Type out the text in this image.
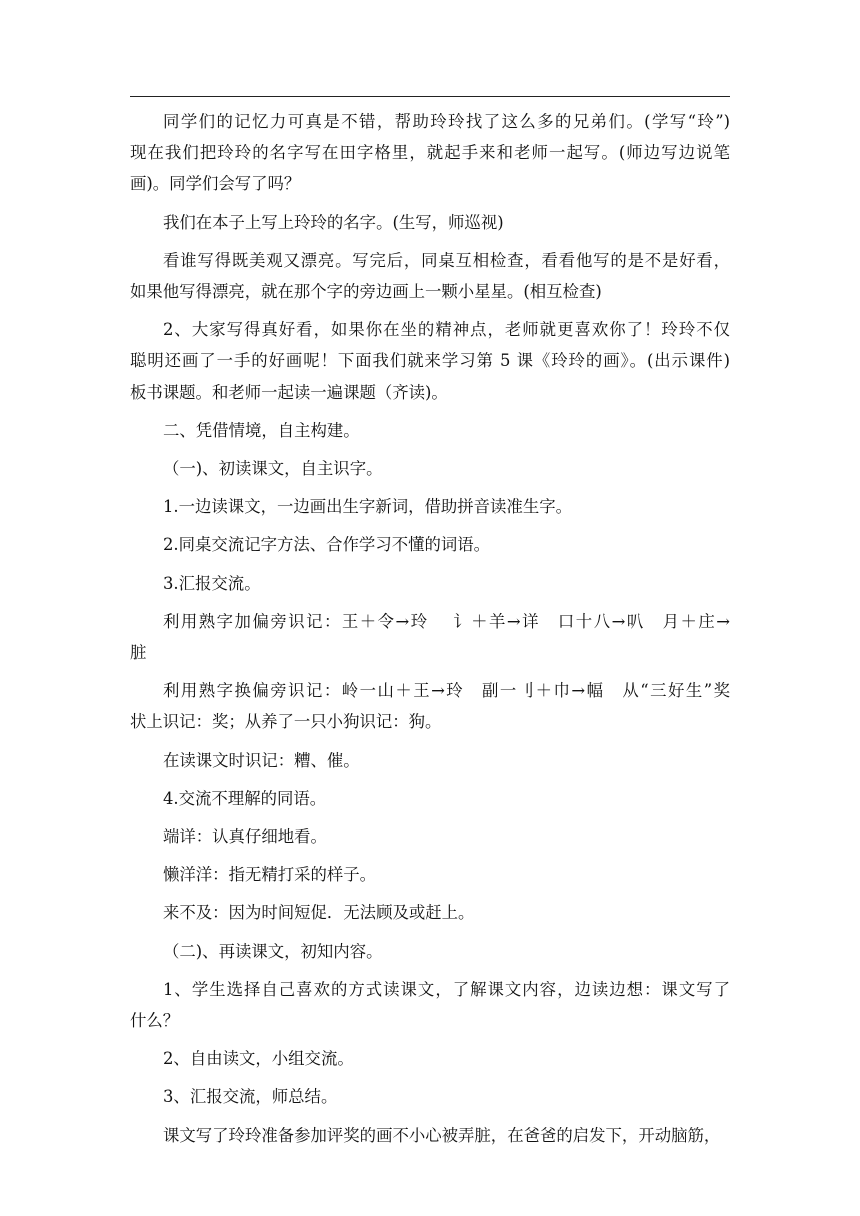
同学们的记忆力可真是不错，帮助玲玲找了这么多的兄弟们。(学写“玲”)
现在我们把玲玲的名字写在田字格里，就起手来和老师一起写。(师边写边说笔
画)。同学们会写了吗？
我们在本子上写上玲玲的名字。(生写，师巡视)
看谁写得既美观又漂亮。写完后，同桌互相检查，看看他写的是不是好看，
如果他写得漂亮，就在那个字的旁边画上一颗小星星。(相互检查)
2、大家写得真好看，如果你在坐的精神点，老师就更喜欢你了！玲玲不仅
聪明还画了一手的好画呢！下面我们就来学习第 5 课《玲玲的画》。(出示课件)
板书课题。和老师一起读一遍课题（齐读)。
二、凭借情境，自主构建。
（一)、初读课文，自主识字。
1.一边读课文，一边画出生字新词，借助拼音读准生字。
2.同桌交流记字方法、合作学习不懂的词语。
3.汇报交流。
利用熟字加偏旁识记：王＋令→玲　 讠＋羊→详　口十八→叭　月＋庄→
脏
利用熟字换偏旁识记：岭一山＋王→玲　副一刂＋巾→幅　从“三好生”奖
状上识记：奖；从养了一只小狗识记：狗。
在读课文时识记：糟、催。
4.交流不理解的同语。
端详：认真仔细地看。
懒洋洋：指无精打采的样子。
来不及：因为时间短促．无法顾及或赶上。
（二)、再读课文，初知内容。
1、学生选择自己喜欢的方式读课文，了解课文内容，边读边想：课文写了
什么？
2、自由读文，小组交流。
3、汇报交流，师总结。
课文写了玲玲准备参加评奖的画不小心被弄脏，在爸爸的启发下，开动脑筋，
